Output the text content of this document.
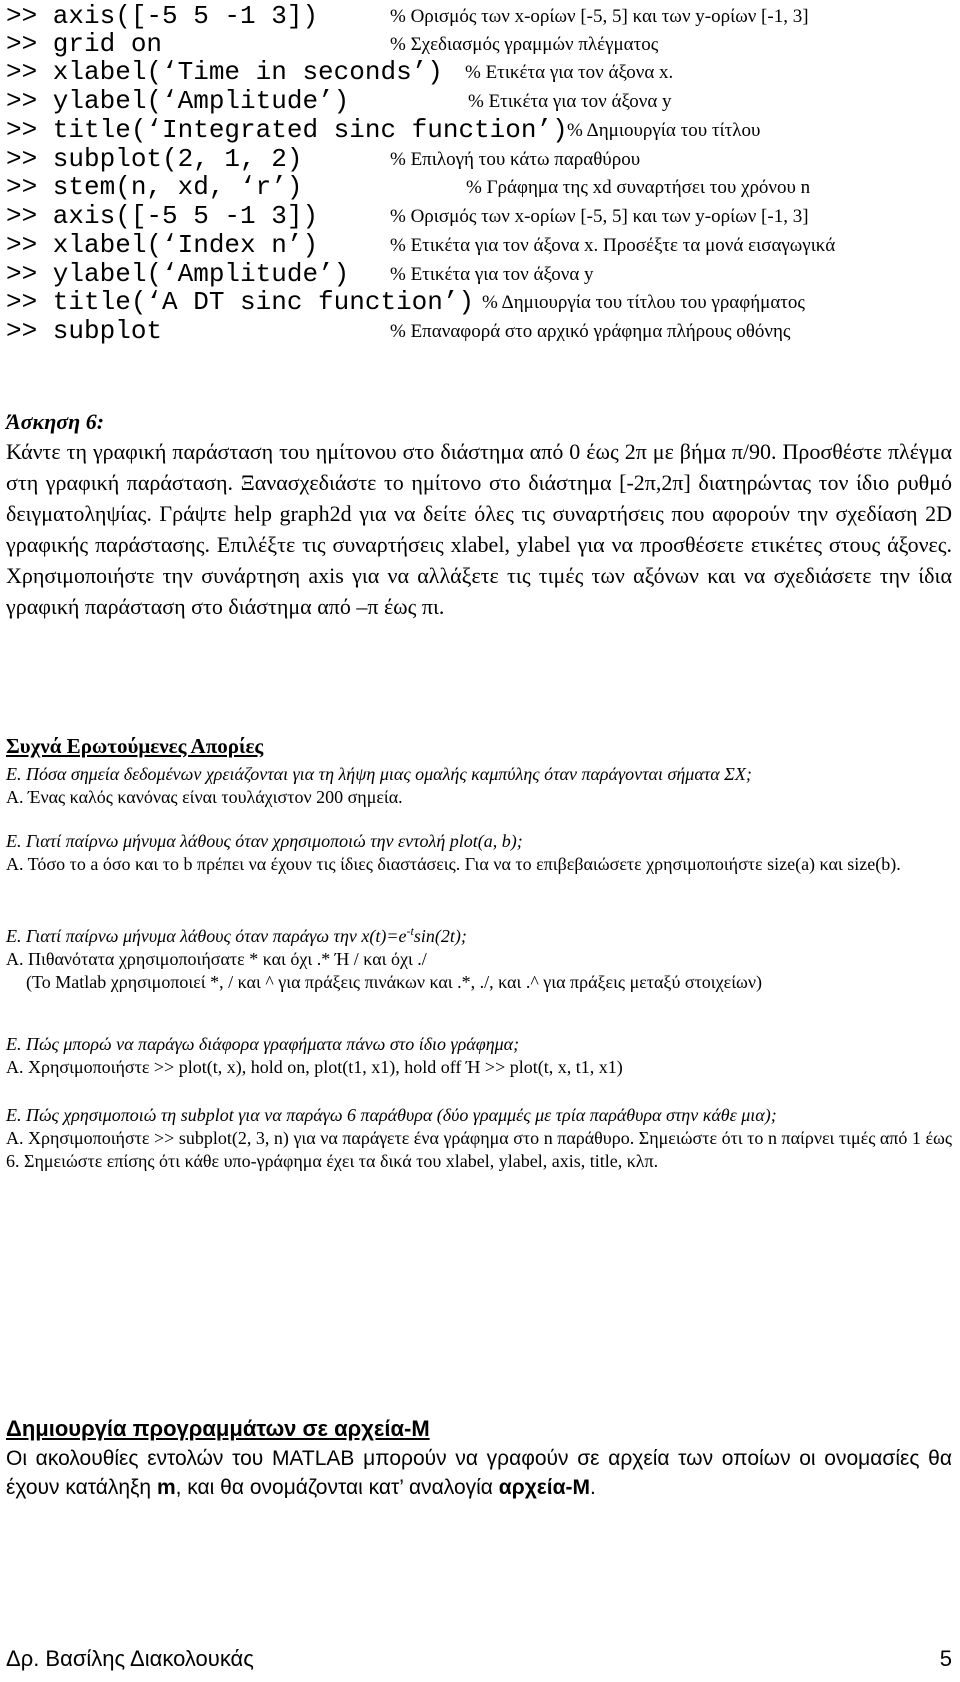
>> axis([-5 5 -1 3])	% Ορισμός των x-ορίων [-5, 5] και των y-ορίων [-1, 3]
>> grid on	% Σχεδιασμός γραμμών πλέγματος
>> xlabel(‘Time in seconds’) % Ετικέτα για τον άξονα x.
>> ylabel(‘Amplitude’)	% Ετικέτα για τον άξονα y
>> title(‘Integrated sinc function’) % Δημιουργία του τίτλου
>> subplot(2, 1, 2)	% Επιλογή του κάτω παραθύρου
>> stem(n, xd, ‘r’)	% Γράφημα της xd συναρτήσει του χρόνου n
>> axis([-5 5 -1 3])	% Ορισμός των x-ορίων [-5, 5] και των y-ορίων [-1, 3]
>> xlabel(‘Index n’)	% Ετικέτα για τον άξονα x. Προσέξτε τα μονά εισαγωγικά
>> ylabel(‘Amplitude’) % Ετικέτα για τον άξονα y
>> title(‘A DT sinc function’) % Δημιουργία του τίτλου του γραφήματος
>> subplot	% Επαναφορά στο αρχικό γράφημα πλήρους οθόνης
Άσκηση 6:
Κάντε τη γραφική παράσταση του ημίτονου στο διάστημα από 0 έως 2π με βήμα π/90. Προσθέστε πλέγμα στη γραφική παράσταση. Ξανασχεδιάστε το ημίτονο στο διάστημα [-2π,2π] διατηρώντας τον ίδιο ρυθμό δειγματοληψίας. Γράψτε help graph2d για να δείτε όλες τις συναρτήσεις που αφορούν την σχεδίαση 2D γραφικής παράστασης. Επιλέξτε τις συναρτήσεις xlabel, ylabel για να προσθέσετε ετικέτες στους άξονες. Χρησιμοποιήστε την συνάρτηση axis για να αλλάξετε τις τιμές των αξόνων και να σχεδιάσετε την ίδια γραφική παράσταση στο διάστημα από –π έως πι.
Συχνά Ερωτούμενες Απορίες
Ε. Πόσα σημεία δεδομένων χρειάζονται για τη λήψη μιας ομαλής καμπύλης όταν παράγονται σήματα ΣΧ;
Α. Ένας καλός κανόνας είναι τουλάχιστον 200 σημεία.
Ε. Γιατί παίρνω μήνυμα λάθους όταν χρησιμοποιώ την εντολή plot(a, b);
Α. Τόσο το a όσο και το b πρέπει να έχουν τις ίδιες διαστάσεις. Για να το επιβεβαιώσετε χρησιμοποιήστε size(a) και size(b).
Ε. Γιατί παίρνω μήνυμα λάθους όταν παράγω την $x(t)=e^{-t}\sin(2t)$;
Α. Πιθανότατα χρησιμοποιήσατε * και όχι .* Ή / και όχι ./
(Το Matlab χρησιμοποιεί *, / και ^ για πράξεις πινάκων και .*, ./, και .^ για πράξεις μεταξύ στοιχείων)
Ε. Πώς μπορώ να παράγω διάφορα γραφήματα πάνω στο ίδιο γράφημα;
Α. Χρησιμοποιήστε >> plot(t, x), hold on, plot(t1, x1), hold off Ή >> plot(t, x, t1, x1)
Ε. Πώς χρησιμοποιώ τη subplot για να παράγω 6 παράθυρα (δύο γραμμές με τρία παράθυρα στην κάθε μια);
Α. Χρησιμοποιήστε >> subplot(2, 3, n) για να παράγετε ένα γράφημα στο n παράθυρο. Σημειώστε ότι το n παίρνει τιμές από 1 έως 6. Σημειώστε επίσης ότι κάθε υπο-γράφημα έχει τα δικά του xlabel, ylabel, axis, title, κλπ.
Δημιουργία προγραμμάτων σε αρχεία-Μ
Οι ακολουθίες εντολών του MATLAB μπορούν να γραφούν σε αρχεία των οποίων οι ονομασίες θα έχουν κατάληξη m, και θα ονομάζονται κατ’ αναλογία αρχεία-Μ.
Δρ. Βασίλης Διακολουκάς	5
